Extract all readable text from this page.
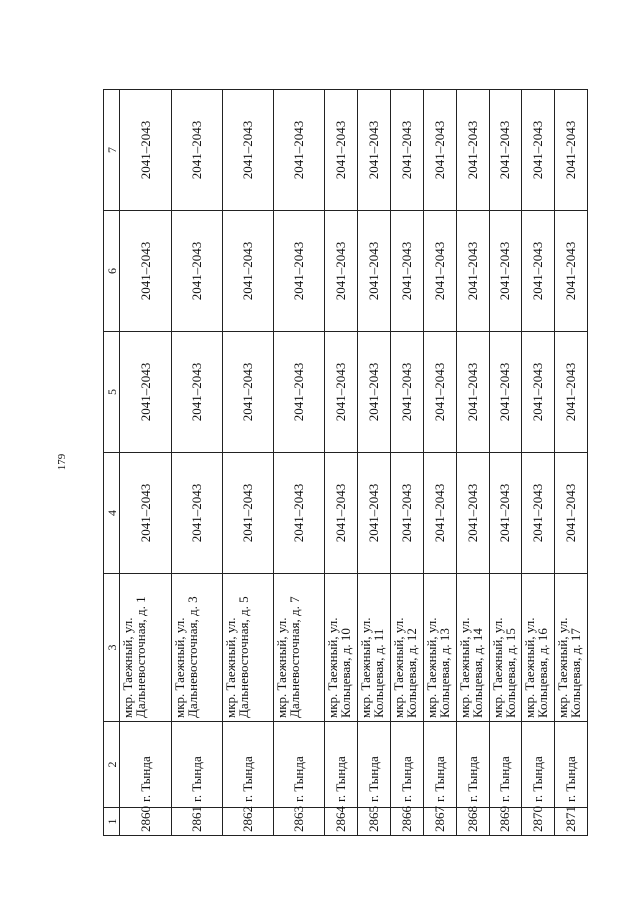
179
1	2	3	4	5	6	7
2860	г. Тында	мкр. Таежный, ул. Дальневосточная, д. 1	2041–2043	2041–2043	2041–2043	2041–2043
2861	г. Тында	мкр. Таежный, ул. Дальневосточная, д. 3	2041–2043	2041–2043	2041–2043	2041–2043
2862	г. Тында	мкр. Таежный, ул. Дальневосточная, д. 5	2041–2043	2041–2043	2041–2043	2041–2043
2863	г. Тында	мкр. Таежный, ул. Дальневосточная, д. 7	2041–2043	2041–2043	2041–2043	2041–2043
2864	г. Тында	мкр. Таежный, ул. Кольцевая, д. 10	2041–2043	2041–2043	2041–2043	2041–2043
2865	г. Тында	мкр. Таежный, ул. Кольцевая, д. 11	2041–2043	2041–2043	2041–2043	2041–2043
2866	г. Тында	мкр. Таежный, ул. Кольцевая, д. 12	2041–2043	2041–2043	2041–2043	2041–2043
2867	г. Тында	мкр. Таежный, ул. Кольцевая, д. 13	2041–2043	2041–2043	2041–2043	2041–2043
2868	г. Тында	мкр. Таежный, ул. Кольцевая, д. 14	2041–2043	2041–2043	2041–2043	2041–2043
2869	г. Тында	мкр. Таежный, ул. Кольцевая, д. 15	2041–2043	2041–2043	2041–2043	2041–2043
2870	г. Тында	мкр. Таежный, ул. Кольцевая, д. 16	2041–2043	2041–2043	2041–2043	2041–2043
2871	г. Тында	мкр. Таежный, ул. Кольцевая, д. 17	2041–2043	2041–2043	2041–2043	2041–2043
